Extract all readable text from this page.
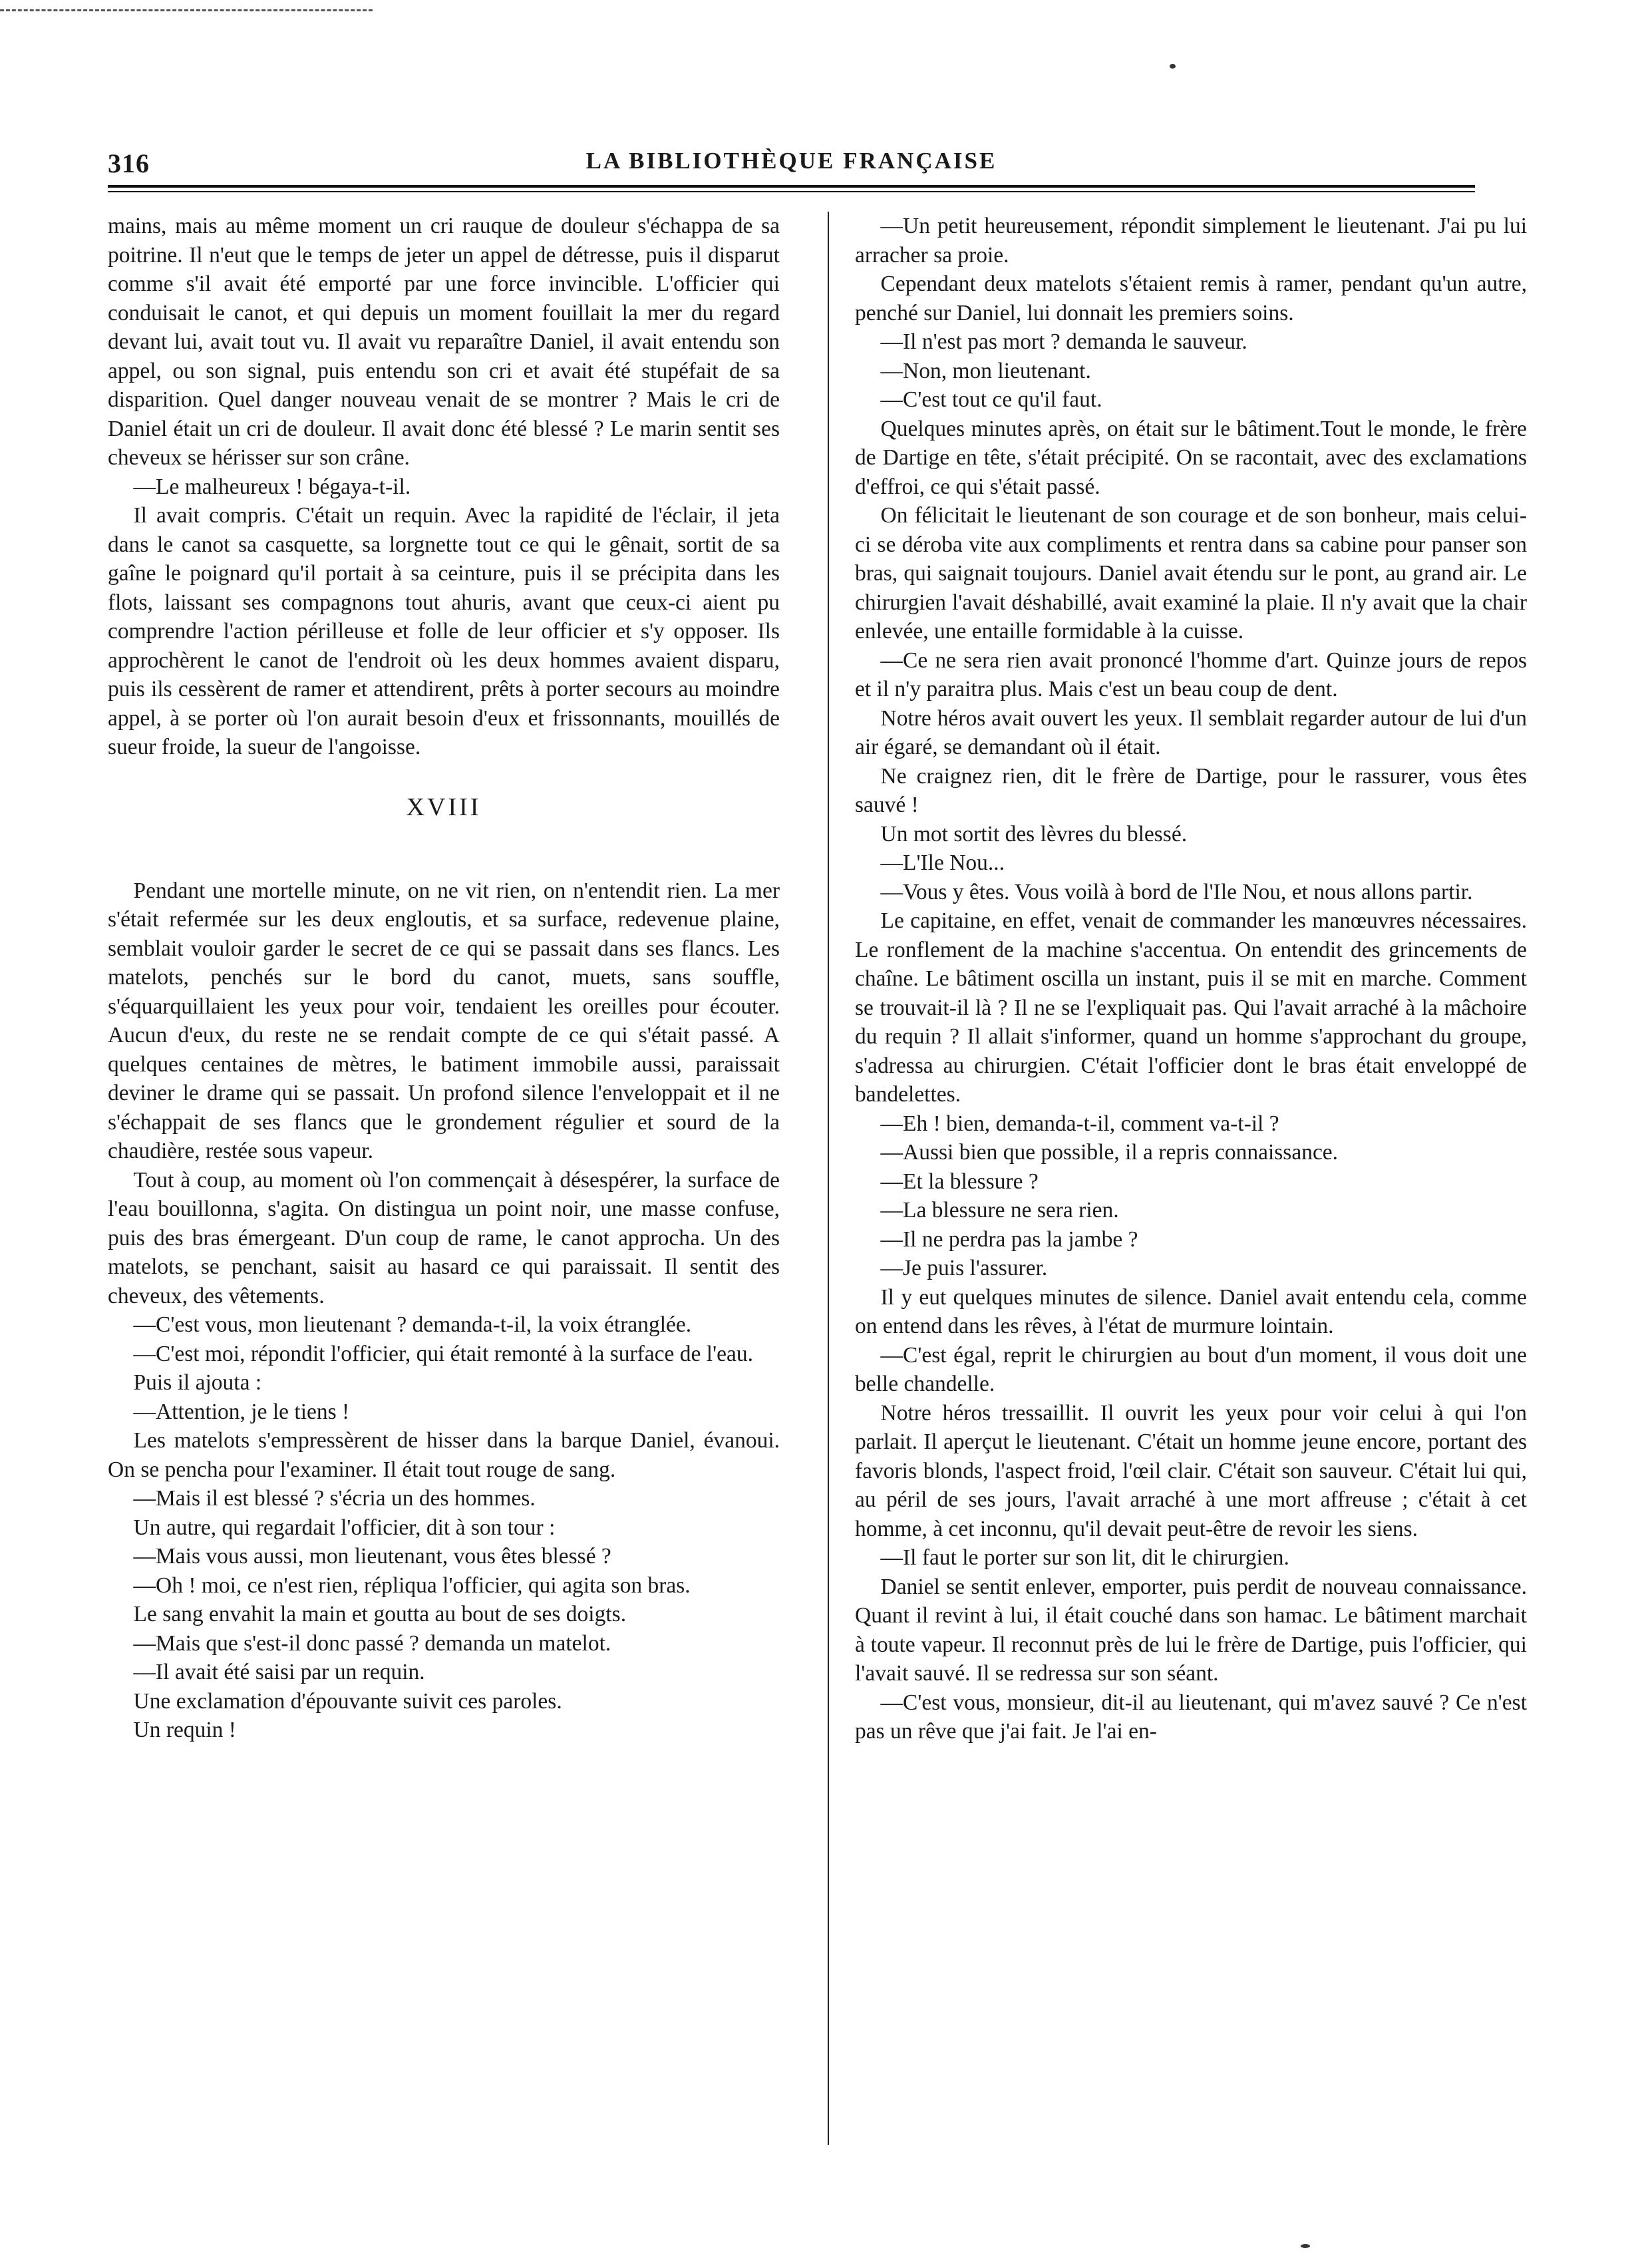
316	LA BIBLIOTHÈQUE FRANÇAISE

mains, mais au même moment un cri rauque de douleur s'échappa de sa poitrine. Il n'eut que le temps de jeter un appel de détresse, puis il disparut comme s'il avait été emporté par une force invincible. L'officier qui conduisait le canot, et qui depuis un moment fouillait la mer du regard devant lui, avait tout vu. Il avait vu reparaître Daniel, il avait entendu son appel, ou son signal, puis entendu son cri et avait été stupéfait de sa disparition. Quel danger nouveau venait de se montrer ? Mais le cri de Daniel était un cri de douleur. Il avait donc été blessé ? Le marin sentit ses cheveux se hérisser sur son crâne.

—Le malheureux ! bégaya-t-il.

Il avait compris. C'était un requin. Avec la rapidité de l'éclair, il jeta dans le canot sa casquette, sa lorgnette tout ce qui le gênait, sortit de sa gaîne le poignard qu'il portait à sa ceinture, puis il se précipita dans les flots, laissant ses compagnons tout ahuris, avant que ceux-ci aient pu comprendre l'action périlleuse et folle de leur officier et s'y opposer. Ils approchèrent le canot de l'endroit où les deux hommes avaient disparu, puis ils cessèrent de ramer et attendirent, prêts à porter secours au moindre appel, à se porter où l'on aurait besoin d'eux et frissonnants, mouillés de sueur froide, la sueur de l'angoisse.

XVIII

Pendant une mortelle minute, on ne vit rien, on n'entendit rien. La mer s'était refermée sur les deux engloutis, et sa surface, redevenue plaine, semblait vouloir garder le secret de ce qui se passait dans ses flancs. Les matelots, penchés sur le bord du canot, muets, sans souffle, s'équarquillaient les yeux pour voir, tendaient les oreilles pour écouter. Aucun d'eux, du reste ne se rendait compte de ce qui s'était passé. A quelques centaines de mètres, le batiment immobile aussi, paraissait deviner le drame qui se passait. Un profond silence l'enveloppait et il ne s'échappait de ses flancs que le grondement régulier et sourd de la chaudière, restée sous vapeur.

Tout à coup, au moment où l'on commençait à désespérer, la surface de l'eau bouillonna, s'agita. On distingua un point noir, une masse confuse, puis des bras émergeant. D'un coup de rame, le canot approcha. Un des matelots, se penchant, saisit au hasard ce qui paraissait. Il sentit des cheveux, des vêtements.

—C'est vous, mon lieutenant ? demanda-t-il, la voix étranglée.

—C'est moi, répondit l'officier, qui était remonté à la surface de l'eau.

Puis il ajouta :

—Attention, je le tiens !

Les matelots s'empressèrent de hisser dans la barque Daniel, évanoui. On se pencha pour l'examiner. Il était tout rouge de sang.

—Mais il est blessé ? s'écria un des hommes.

Un autre, qui regardait l'officier, dit à son tour :

—Mais vous aussi, mon lieutenant, vous êtes blessé ?

—Oh ! moi, ce n'est rien, répliqua l'officier, qui agita son bras.

Le sang envahit la main et goutta au bout de ses doigts.

—Mais que s'est-il donc passé ? demanda un matelot.

—Il avait été saisi par un requin.

Une exclamation d'épouvante suivit ces paroles.

Un requin !

—Un petit heureusement, répondit simplement le lieutenant. J'ai pu lui arracher sa proie.

Cependant deux matelots s'étaient remis à ramer, pendant qu'un autre, penché sur Daniel, lui donnait les premiers soins.

—Il n'est pas mort ? demanda le sauveur.

—Non, mon lieutenant.

—C'est tout ce qu'il faut.

Quelques minutes après, on était sur le bâtiment.Tout le monde, le frère de Dartige en tête, s'était précipité. On se racontait, avec des exclamations d'effroi, ce qui s'était passé.

On félicitait le lieutenant de son courage et de son bonheur, mais celui-ci se déroba vite aux compliments et rentra dans sa cabine pour panser son bras, qui saignait toujours. Daniel avait étendu sur le pont, au grand air. Le chirurgien l'avait déshabillé, avait examiné la plaie. Il n'y avait que la chair enlevée, une entaille formidable à la cuisse.

—Ce ne sera rien avait prononcé l'homme d'art. Quinze jours de repos et il n'y paraitra plus. Mais c'est un beau coup de dent.

Notre héros avait ouvert les yeux. Il semblait regarder autour de lui d'un air égaré, se demandant où il était.

Ne craignez rien, dit le frère de Dartige, pour le rassurer, vous êtes sauvé !

Un mot sortit des lèvres du blessé.

—L'Ile Nou...

—Vous y êtes. Vous voilà à bord de l'Ile Nou, et nous allons partir.

Le capitaine, en effet, venait de commander les manœuvres nécessaires. Le ronflement de la machine s'accentua. On entendit des grincements de chaîne. Le bâtiment oscilla un instant, puis il se mit en marche. Comment se trouvait-il là ? Il ne se l'expliquait pas. Qui l'avait arraché à la mâchoire du requin ? Il allait s'informer, quand un homme s'approchant du groupe, s'adressa au chirurgien. C'était l'officier dont le bras était enveloppé de bandelettes.

—Eh ! bien, demanda-t-il, comment va-t-il ?

—Aussi bien que possible, il a repris connaissance.

—Et la blessure ?

—La blessure ne sera rien.

—Il ne perdra pas la jambe ?

—Je puis l'assurer.

Il y eut quelques minutes de silence. Daniel avait entendu cela, comme on entend dans les rêves, à l'état de murmure lointain.

—C'est égal, reprit le chirurgien au bout d'un moment, il vous doit une belle chandelle.

Notre héros tressaillit. Il ouvrit les yeux pour voir celui à qui l'on parlait. Il aperçut le lieutenant. C'était un homme jeune encore, portant des favoris blonds, l'aspect froid, l'œil clair. C'était son sauveur. C'était lui qui, au péril de ses jours, l'avait arraché à une mort affreuse ; c'était à cet homme, à cet inconnu, qu'il devait peut-être de revoir les siens.

—Il faut le porter sur son lit, dit le chirurgien.

Daniel se sentit enlever, emporter, puis perdit de nouveau connaissance. Quant il revint à lui, il était couché dans son hamac. Le bâtiment marchait à toute vapeur. Il reconnut près de lui le frère de Dartige, puis l'officier, qui l'avait sauvé. Il se redressa sur son séant.

—C'est vous, monsieur, dit-il au lieutenant, qui m'avez sauvé ? Ce n'est pas un rêve que j'ai fait. Je l'ai en-
